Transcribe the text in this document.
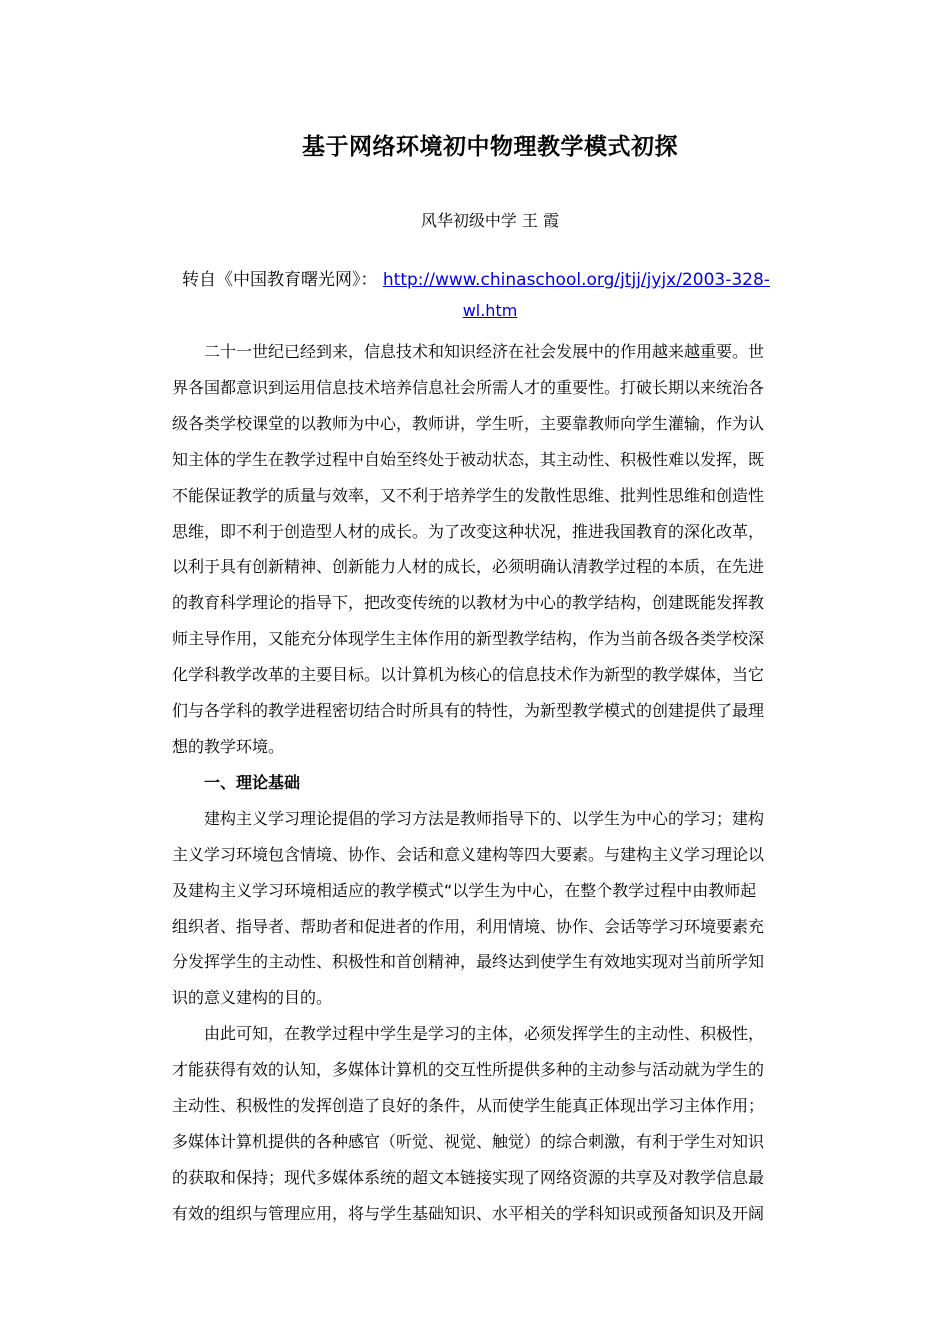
基于网络环境初中物理教学模式初探
风华初级中学 王 霞
转自《中国教育曙光网》： http://www.chinaschool.org/jtjj/jyjx/2003-328-
wl.htm
二十一世纪已经到来，信息技术和知识经济在社会发展中的作用越来越重要。世
界各国都意识到运用信息技术培养信息社会所需人才的重要性。打破长期以来统治各
级各类学校课堂的以教师为中心，教师讲，学生听，主要靠教师向学生灌输，作为认
知主体的学生在教学过程中自始至终处于被动状态，其主动性、积极性难以发挥，既
不能保证教学的质量与效率，又不利于培养学生的发散性思维、批判性思维和创造性
思维，即不利于创造型人材的成长。为了改变这种状况，推进我国教育的深化改革，
以利于具有创新精神、创新能力人材的成长，必须明确认清教学过程的本质，在先进
的教育科学理论的指导下，把改变传统的以教材为中心的教学结构，创建既能发挥教
师主导作用，又能充分体现学生主体作用的新型教学结构，作为当前各级各类学校深
化学科教学改革的主要目标。以计算机为核心的信息技术作为新型的教学媒体，当它
们与各学科的教学进程密切结合时所具有的特性，为新型教学模式的创建提供了最理
想的教学环境。
一、理论基础
建构主义学习理论提倡的学习方法是教师指导下的、以学生为中心的学习；建构
主义学习环境包含情境、协作、会话和意义建构等四大要素。与建构主义学习理论以
及建构主义学习环境相适应的教学模式“以学生为中心，在整个教学过程中由教师起
组织者、指导者、帮助者和促进者的作用，利用情境、协作、会话等学习环境要素充
分发挥学生的主动性、积极性和首创精神，最终达到使学生有效地实现对当前所学知
识的意义建构的目的。
由此可知，在教学过程中学生是学习的主体，必须发挥学生的主动性、积极性，
才能获得有效的认知，多媒体计算机的交互性所提供多种的主动参与活动就为学生的
主动性、积极性的发挥创造了良好的条件，从而使学生能真正体现出学习主体作用；
多媒体计算机提供的各种感官（听觉、视觉、触觉）的综合刺激，有利于学生对知识
的获取和保持；现代多媒体系统的超文本链接实现了网络资源的共享及对教学信息最
有效的组织与管理应用，将与学生基础知识、水平相关的学科知识或预备知识及开阔
